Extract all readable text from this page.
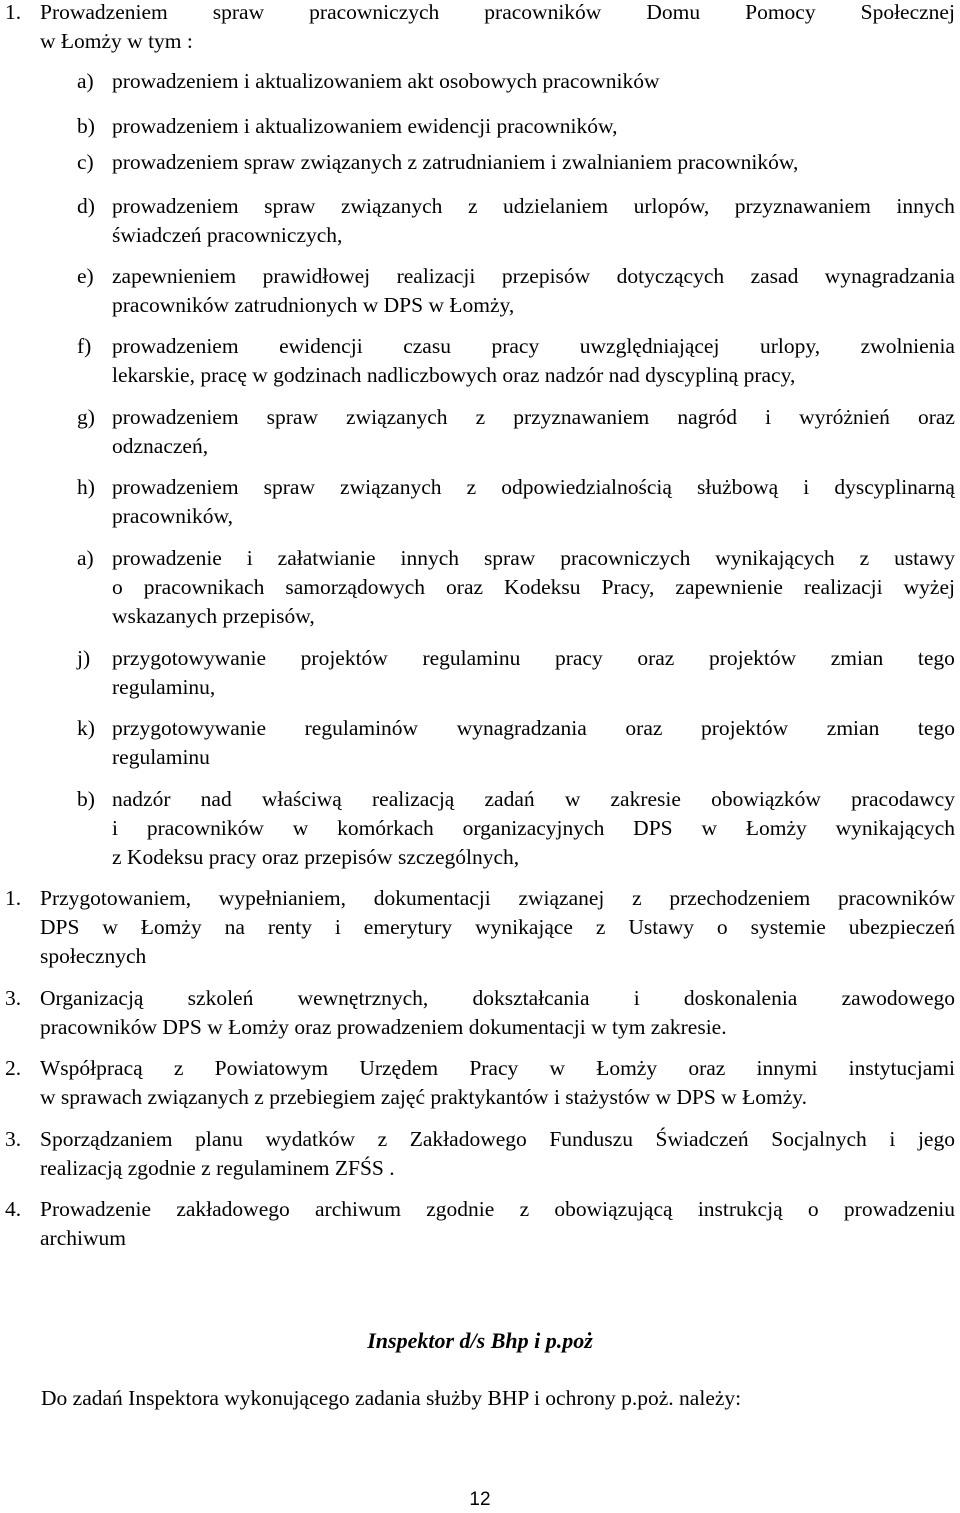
1. Prowadzeniem spraw pracowniczych pracowników Domu Pomocy Społecznej
w Łomży w tym :
a) prowadzeniem i aktualizowaniem akt osobowych pracowników
b) prowadzeniem i aktualizowaniem ewidencji pracowników,
c) prowadzeniem spraw związanych z zatrudnianiem i zwalnianiem pracowników,
d) prowadzeniem spraw związanych z udzielaniem urlopów, przyznawaniem innych
świadczeń pracowniczych,
e) zapewnieniem prawidłowej realizacji przepisów dotyczących zasad wynagradzania
pracowników zatrudnionych w DPS w Łomży,
f) prowadzeniem ewidencji czasu pracy uwzględniającej urlopy, zwolnienia
lekarskie, pracę w godzinach nadliczbowych oraz nadzór nad dyscypliną pracy,
g) prowadzeniem spraw związanych z przyznawaniem nagród i wyróżnień oraz
odznaczeń,
h) prowadzeniem spraw związanych z odpowiedzialnością służbową i dyscyplinarną
pracowników,
a) prowadzenie i załatwianie innych spraw pracowniczych wynikających z ustawy
o pracownikach samorządowych oraz Kodeksu Pracy, zapewnienie realizacji wyżej
wskazanych przepisów,
j) przygotowywanie projektów regulaminu pracy oraz projektów zmian tego
regulaminu,
k) przygotowywanie regulaminów wynagradzania oraz projektów zmian tego
regulaminu
b) nadzór nad właściwą realizacją zadań w zakresie obowiązków pracodawcy
i pracowników w komórkach organizacyjnych DPS w Łomży wynikających
z Kodeksu pracy oraz przepisów szczególnych,
1. Przygotowaniem, wypełnianiem, dokumentacji związanej z przechodzeniem pracowników
DPS w Łomży na renty i emerytury wynikające z Ustawy o systemie ubezpieczeń
społecznych
3. Organizacją szkoleń wewnętrznych, dokształcania i doskonalenia zawodowego
pracowników DPS w Łomży oraz prowadzeniem dokumentacji w tym zakresie.
2. Współpracą z Powiatowym Urzędem Pracy w Łomży oraz innymi instytucjami
w sprawach związanych z przebiegiem zajęć praktykantów i stażystów w DPS w Łomży.
3. Sporządzaniem planu wydatków z Zakładowego Funduszu Świadczeń Socjalnych i jego
realizacją zgodnie z regulaminem ZFŚS .
4. Prowadzenie zakładowego archiwum zgodnie z obowiązującą instrukcją o prowadzeniu
archiwum
Inspektor d/s Bhp i p.poż
Do zadań Inspektora wykonującego zadania służby BHP i ochrony p.poż. należy:
12
